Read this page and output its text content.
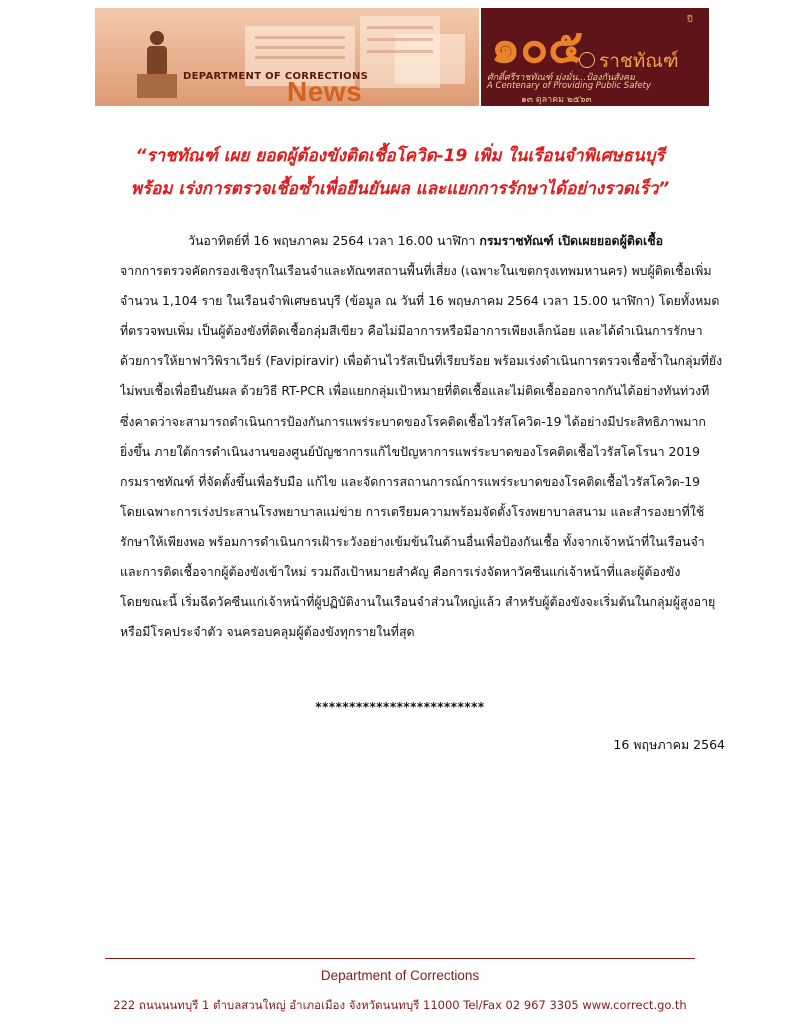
DEPARTMENT OF CORRECTIONS
News
๑๐๕	ปี
ราชทัณฑ์
ศักดิ์ศรีราชทัณฑ์ มุ่งมั่น...ป้องกันสังคม
A Centenary of Providing Public Safety
๑๓ ตุลาคม ๒๕๖๓
“ราชทัณฑ์ เผย ยอดผู้ต้องขังติดเชื้อโควิด-19 เพิ่ม ในเรือนจำพิเศษธนบุรี
พร้อม เร่งการตรวจเชื้อซ้ำเพื่อยืนยันผล และแยกการรักษาได้อย่างรวดเร็ว”
วันอาทิตย์ที่ 16 พฤษภาคม 2564 เวลา 16.00 นาฬิกา กรมราชทัณฑ์ เปิดเผยยอดผู้ติดเชื้อ
จากการตรวจคัดกรองเชิงรุกในเรือนจำและทัณฑสถานพื้นที่เสี่ยง (เฉพาะในเขตกรุงเทพมหานคร) พบผู้ติดเชื้อเพิ่ม
จำนวน 1,104 ราย ในเรือนจำพิเศษธนบุรี (ข้อมูล ณ วันที่ 16 พฤษภาคม 2564 เวลา 15.00 นาฬิกา) โดยทั้งหมด
ที่ตรวจพบเพิ่ม เป็นผู้ต้องขังที่ติดเชื้อกลุ่มสีเขียว คือไม่มีอาการหรือมีอาการเพียงเล็กน้อย และได้ดำเนินการรักษา
ด้วยการให้ยาฟาวิพิราเวียร์ (Favipiravir) เพื่อต้านไวรัสเป็นที่เรียบร้อย พร้อมเร่งดำเนินการตรวจเชื้อซ้ำในกลุ่มที่ยัง
ไม่พบเชื้อเพื่อยืนยันผล ด้วยวิธี RT-PCR เพื่อแยกกลุ่มเป้าหมายที่ติดเชื้อและไม่ติดเชื้อออกจากกันได้อย่างทันท่วงที
ซึ่งคาดว่าจะสามารถดำเนินการป้องกันการแพร่ระบาดของโรคติดเชื้อไวรัสโควิด-19 ได้อย่างมีประสิทธิภาพมาก
ยิ่งขึ้น ภายใต้การดำเนินงานของศูนย์บัญชาการแก้ไขปัญหาการแพร่ระบาดของโรคติดเชื้อไวรัสโคโรนา 2019
กรมราชทัณฑ์ ที่จัดตั้งขึ้นเพื่อรับมือ แก้ไข และจัดการสถานการณ์การแพร่ระบาดของโรคติดเชื้อไวรัสโควิด-19
โดยเฉพาะการเร่งประสานโรงพยาบาลแม่ข่าย การเตรียมความพร้อมจัดตั้งโรงพยาบาลสนาม และสำรองยาที่ใช้
รักษาให้เพียงพอ พร้อมการดำเนินการเฝ้าระวังอย่างเข้มข้นในด้านอื่นเพื่อป้องกันเชื้อ ทั้งจากเจ้าหน้าที่ในเรือนจำ
และการติดเชื้อจากผู้ต้องขังเข้าใหม่ รวมถึงเป้าหมายสำคัญ คือการเร่งจัดหาวัคซีนแก่เจ้าหน้าที่และผู้ต้องขัง
โดยขณะนี้ เริ่มฉีดวัคซีนแก่เจ้าหน้าที่ผู้ปฏิบัติงานในเรือนจำส่วนใหญ่แล้ว สำหรับผู้ต้องขังจะเริ่มต้นในกลุ่มผู้สูงอายุ
หรือมีโรคประจำตัว จนครอบคลุมผู้ต้องขังทุกรายในที่สุด
*************************
16 พฤษภาคม 2564
Department of Corrections
222 ถนนนนทบุรี 1 ตำบลสวนใหญ่ อำเภอเมือง จังหวัดนนทบุรี 11000 Tel/Fax 02 967 3305 www.correct.go.th
